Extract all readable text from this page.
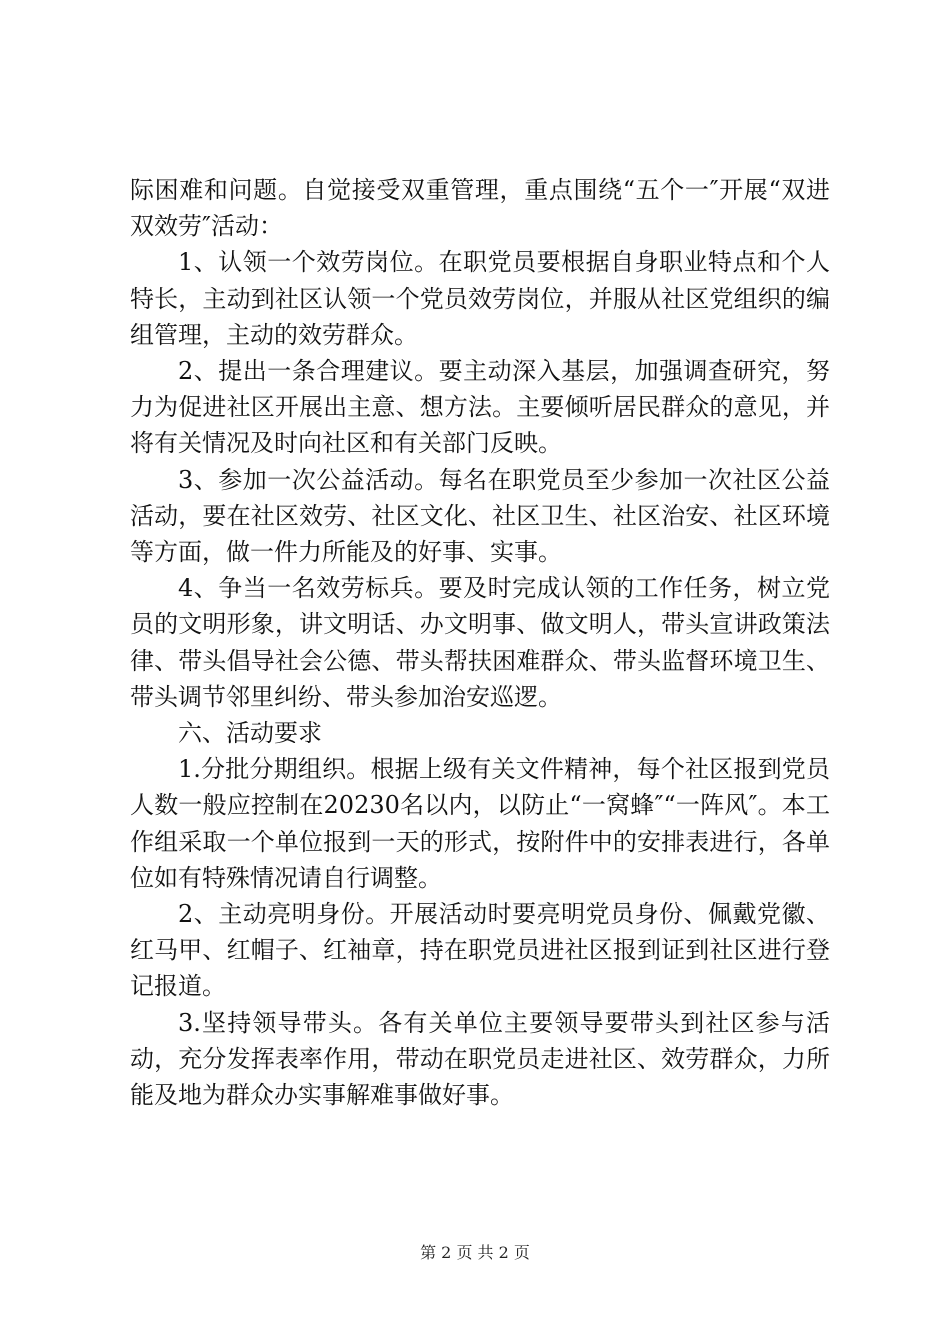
际困难和问题。自觉接受双重管理，重点围绕“五个一″开展“双进双效劳″活动：

1、认领一个效劳岗位。在职党员要根据自身职业特点和个人特长，主动到社区认领一个党员效劳岗位，并服从社区党组织的编组管理，主动的效劳群众。

2、提出一条合理建议。要主动深入基层，加强调查研究，努力为促进社区开展出主意、想方法。主要倾听居民群众的意见，并将有关情况及时向社区和有关部门反映。

3、参加一次公益活动。每名在职党员至少参加一次社区公益活动，要在社区效劳、社区文化、社区卫生、社区治安、社区环境等方面，做一件力所能及的好事、实事。

4、争当一名效劳标兵。要及时完成认领的工作任务，树立党员的文明形象，讲文明话、办文明事、做文明人，带头宣讲政策法律、带头倡导社会公德、带头帮扶困难群众、带头监督环境卫生、带头调节邻里纠纷、带头参加治安巡逻。

六、活动要求

1.分批分期组织。根据上级有关文件精神，每个社区报到党员人数一般应控制在20230名以内，以防止“一窝蜂″“一阵风″。本工作组采取一个单位报到一天的形式，按附件中的安排表进行，各单位如有特殊情况请自行调整。

2、主动亮明身份。开展活动时要亮明党员身份、佩戴党徽、红马甲、红帽子、红袖章，持在职党员进社区报到证到社区进行登记报道。

3.坚持领导带头。各有关单位主要领导要带头到社区参与活动，充分发挥表率作用，带动在职党员走进社区、效劳群众，力所能及地为群众办实事解难事做好事。

第 2 页 共 2 页
